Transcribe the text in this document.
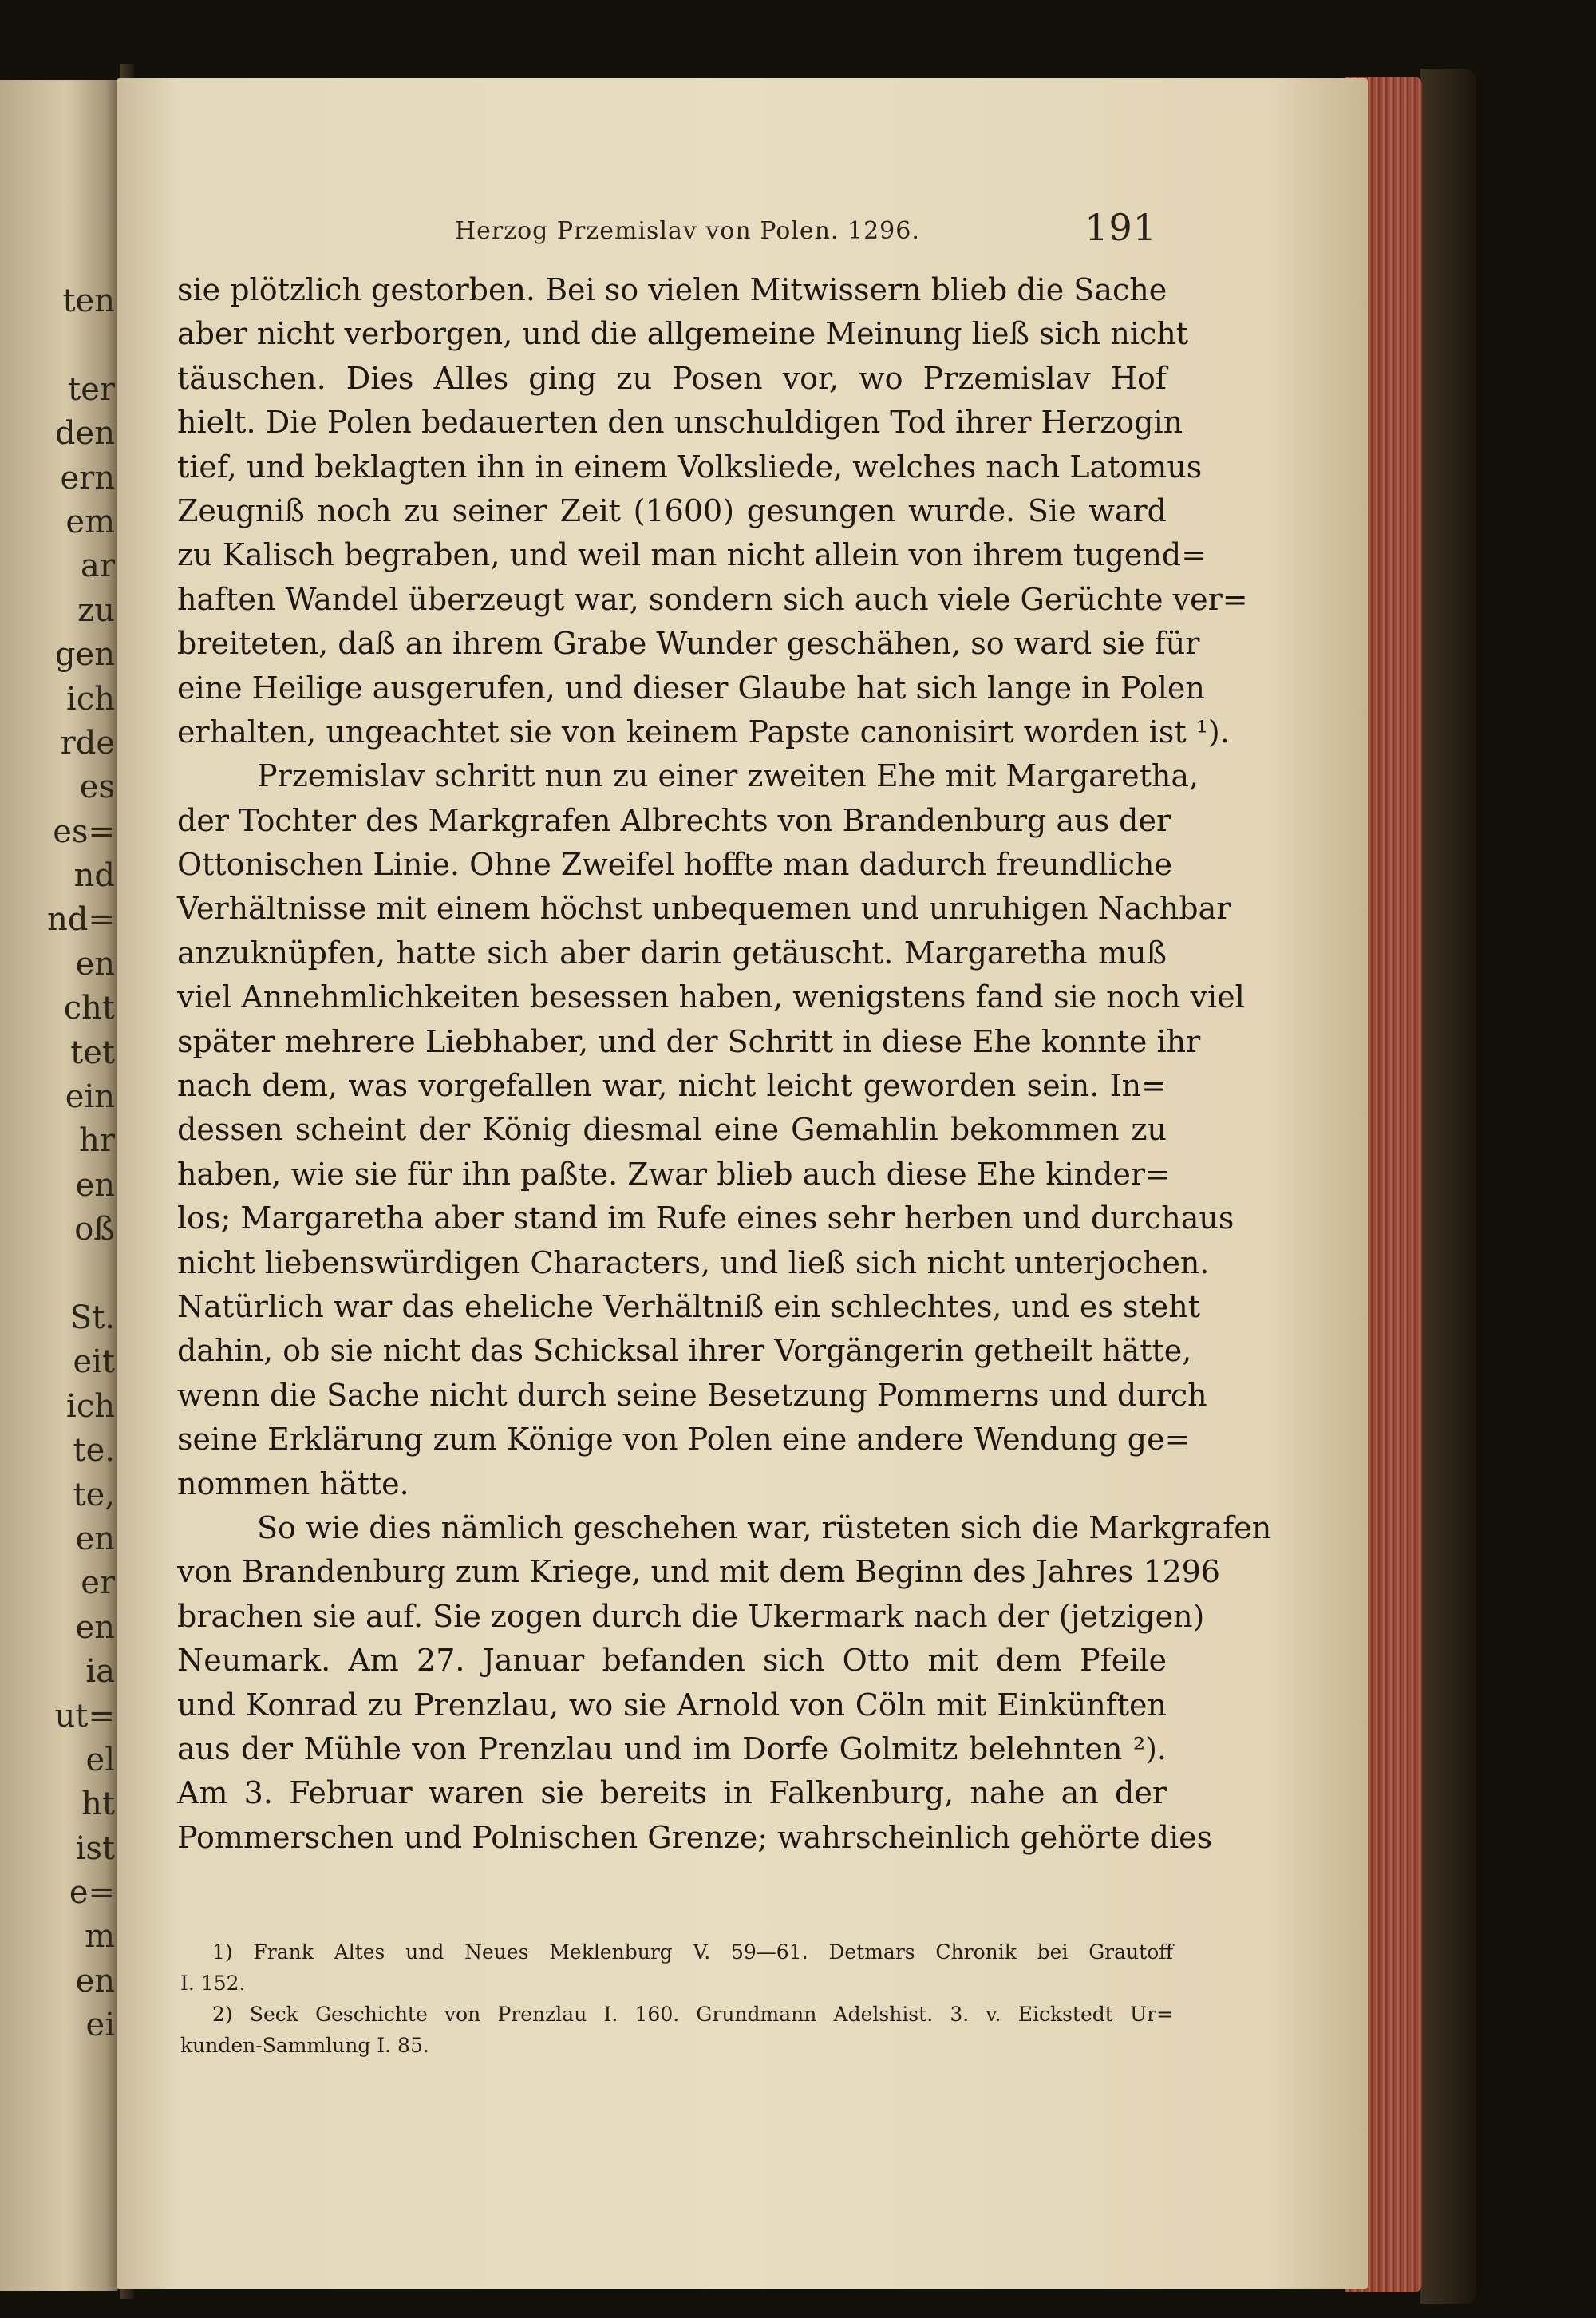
ten
ter
den
ern
em
ar
zu
gen
ich
rde
es
es=
nd
nd=
en
cht
tet
ein
hr
en
oß
St.
eit
ich
te.
te,
en
er
en
ia
ut=
el
ht
ist
e=
m
en
ei
Herzog Przemislav von Polen. 1296.	191
sie plötzlich gestorben. Bei so vielen Mitwissern blieb die Sache
aber nicht verborgen, und die allgemeine Meinung ließ sich nicht
täuschen. Dies Alles ging zu Posen vor, wo Przemislav Hof
hielt. Die Polen bedauerten den unschuldigen Tod ihrer Herzogin
tief, und beklagten ihn in einem Volksliede, welches nach Latomus
Zeugniß noch zu seiner Zeit (1600) gesungen wurde. Sie ward
zu Kalisch begraben, und weil man nicht allein von ihrem tugend=
haften Wandel überzeugt war, sondern sich auch viele Gerüchte ver=
breiteten, daß an ihrem Grabe Wunder geschähen, so ward sie für
eine Heilige ausgerufen, und dieser Glaube hat sich lange in Polen
erhalten, ungeachtet sie von keinem Papste canonisirt worden ist ¹).
Przemislav schritt nun zu einer zweiten Ehe mit Margaretha,
der Tochter des Markgrafen Albrechts von Brandenburg aus der
Ottonischen Linie. Ohne Zweifel hoffte man dadurch freundliche
Verhältnisse mit einem höchst unbequemen und unruhigen Nachbar
anzuknüpfen, hatte sich aber darin getäuscht. Margaretha muß
viel Annehmlichkeiten besessen haben, wenigstens fand sie noch viel
später mehrere Liebhaber, und der Schritt in diese Ehe konnte ihr
nach dem, was vorgefallen war, nicht leicht geworden sein. In=
dessen scheint der König diesmal eine Gemahlin bekommen zu
haben, wie sie für ihn paßte. Zwar blieb auch diese Ehe kinder=
los; Margaretha aber stand im Rufe eines sehr herben und durchaus
nicht liebenswürdigen Characters, und ließ sich nicht unterjochen.
Natürlich war das eheliche Verhältniß ein schlechtes, und es steht
dahin, ob sie nicht das Schicksal ihrer Vorgängerin getheilt hätte,
wenn die Sache nicht durch seine Besetzung Pommerns und durch
seine Erklärung zum Könige von Polen eine andere Wendung ge=
nommen hätte.
So wie dies nämlich geschehen war, rüsteten sich die Markgrafen
von Brandenburg zum Kriege, und mit dem Beginn des Jahres 1296
brachen sie auf. Sie zogen durch die Ukermark nach der (jetzigen)
Neumark. Am 27. Januar befanden sich Otto mit dem Pfeile
und Konrad zu Prenzlau, wo sie Arnold von Cöln mit Einkünften
aus der Mühle von Prenzlau und im Dorfe Golmitz belehnten ²).
Am 3. Februar waren sie bereits in Falkenburg, nahe an der
Pommerschen und Polnischen Grenze; wahrscheinlich gehörte dies
1) Frank Altes und Neues Meklenburg V. 59—61. Detmars Chronik bei Grautoff
I. 152.
2) Seck Geschichte von Prenzlau I. 160. Grundmann Adelshist. 3. v. Eickstedt Ur=
kunden-Sammlung I. 85.
